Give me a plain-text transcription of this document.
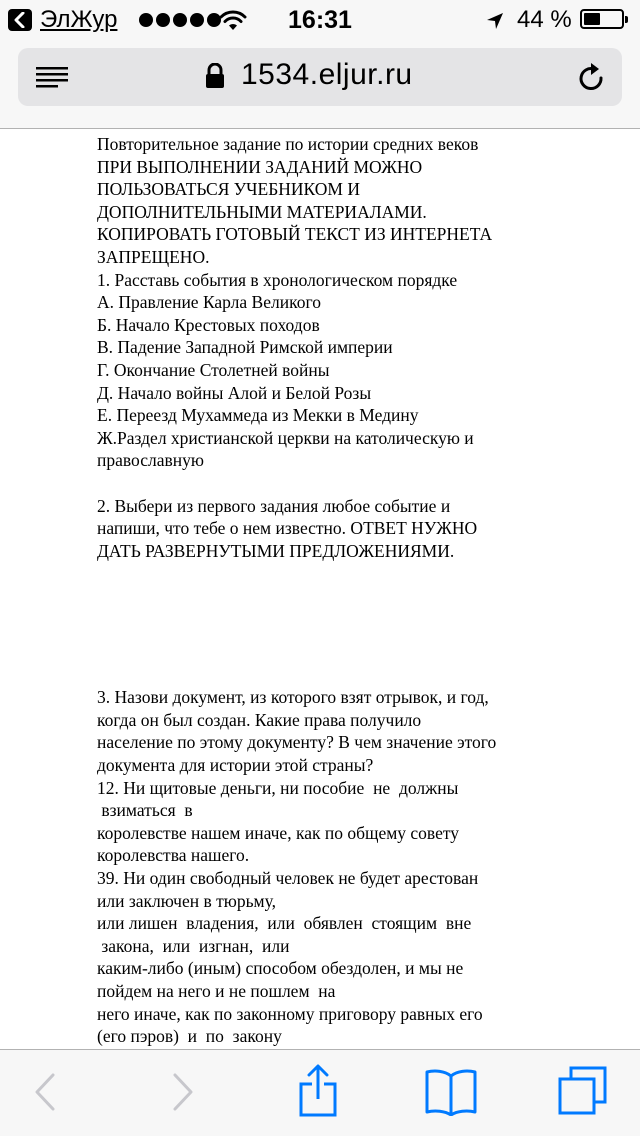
ЭлЖур	16:31	44 %
1534.eljur.ru
Повторительное задание по истории средних веков
ПРИ ВЫПОЛНЕНИИ ЗАДАНИЙ МОЖНО
ПОЛЬЗОВАТЬСЯ УЧЕБНИКОМ И
ДОПОЛНИТЕЛЬНЫМИ МАТЕРИАЛАМИ.
КОПИРОВАТЬ ГОТОВЫЙ ТЕКСТ ИЗ ИНТЕРНЕТА
ЗАПРЕЩЕНО.
1. Расставь события в хронологическом порядке
А. Правление Карла Великого
Б. Начало Крестовых походов
В. Падение Западной Римской империи
Г. Окончание Столетней войны
Д. Начало войны Алой и Белой Розы
Е. Переезд Мухаммеда из Мекки в Медину
Ж.Раздел христианской церкви на католическую и
православную
2. Выбери из первого задания любое событие и
напиши, что тебе о нем известно. ОТВЕТ НУЖНО
ДАТЬ РАЗВЕРНУТЫМИ ПРЕДЛОЖЕНИЯМИ.
3. Назови документ, из которого взят отрывок, и год,
когда он был создан. Какие права получило
население по этому документу? В чем значение этого
документа для истории этой страны?
12. Ни щитовые деньги, ни пособие  не  должны
взиматься  в
королевстве нашем иначе, как по общему совету
королевства нашего.
39. Ни один свободный человек не будет арестован
или заключен в тюрьму,
или лишен  владения,  или  обявлен  стоящим  вне
закона,  или  изгнан,  или
каким-либо (иным) способом обездолен, и мы не
пойдем на него и не пошлем  на
него иначе, как по законному приговору равных его
(его пэров)  и  по  закону
